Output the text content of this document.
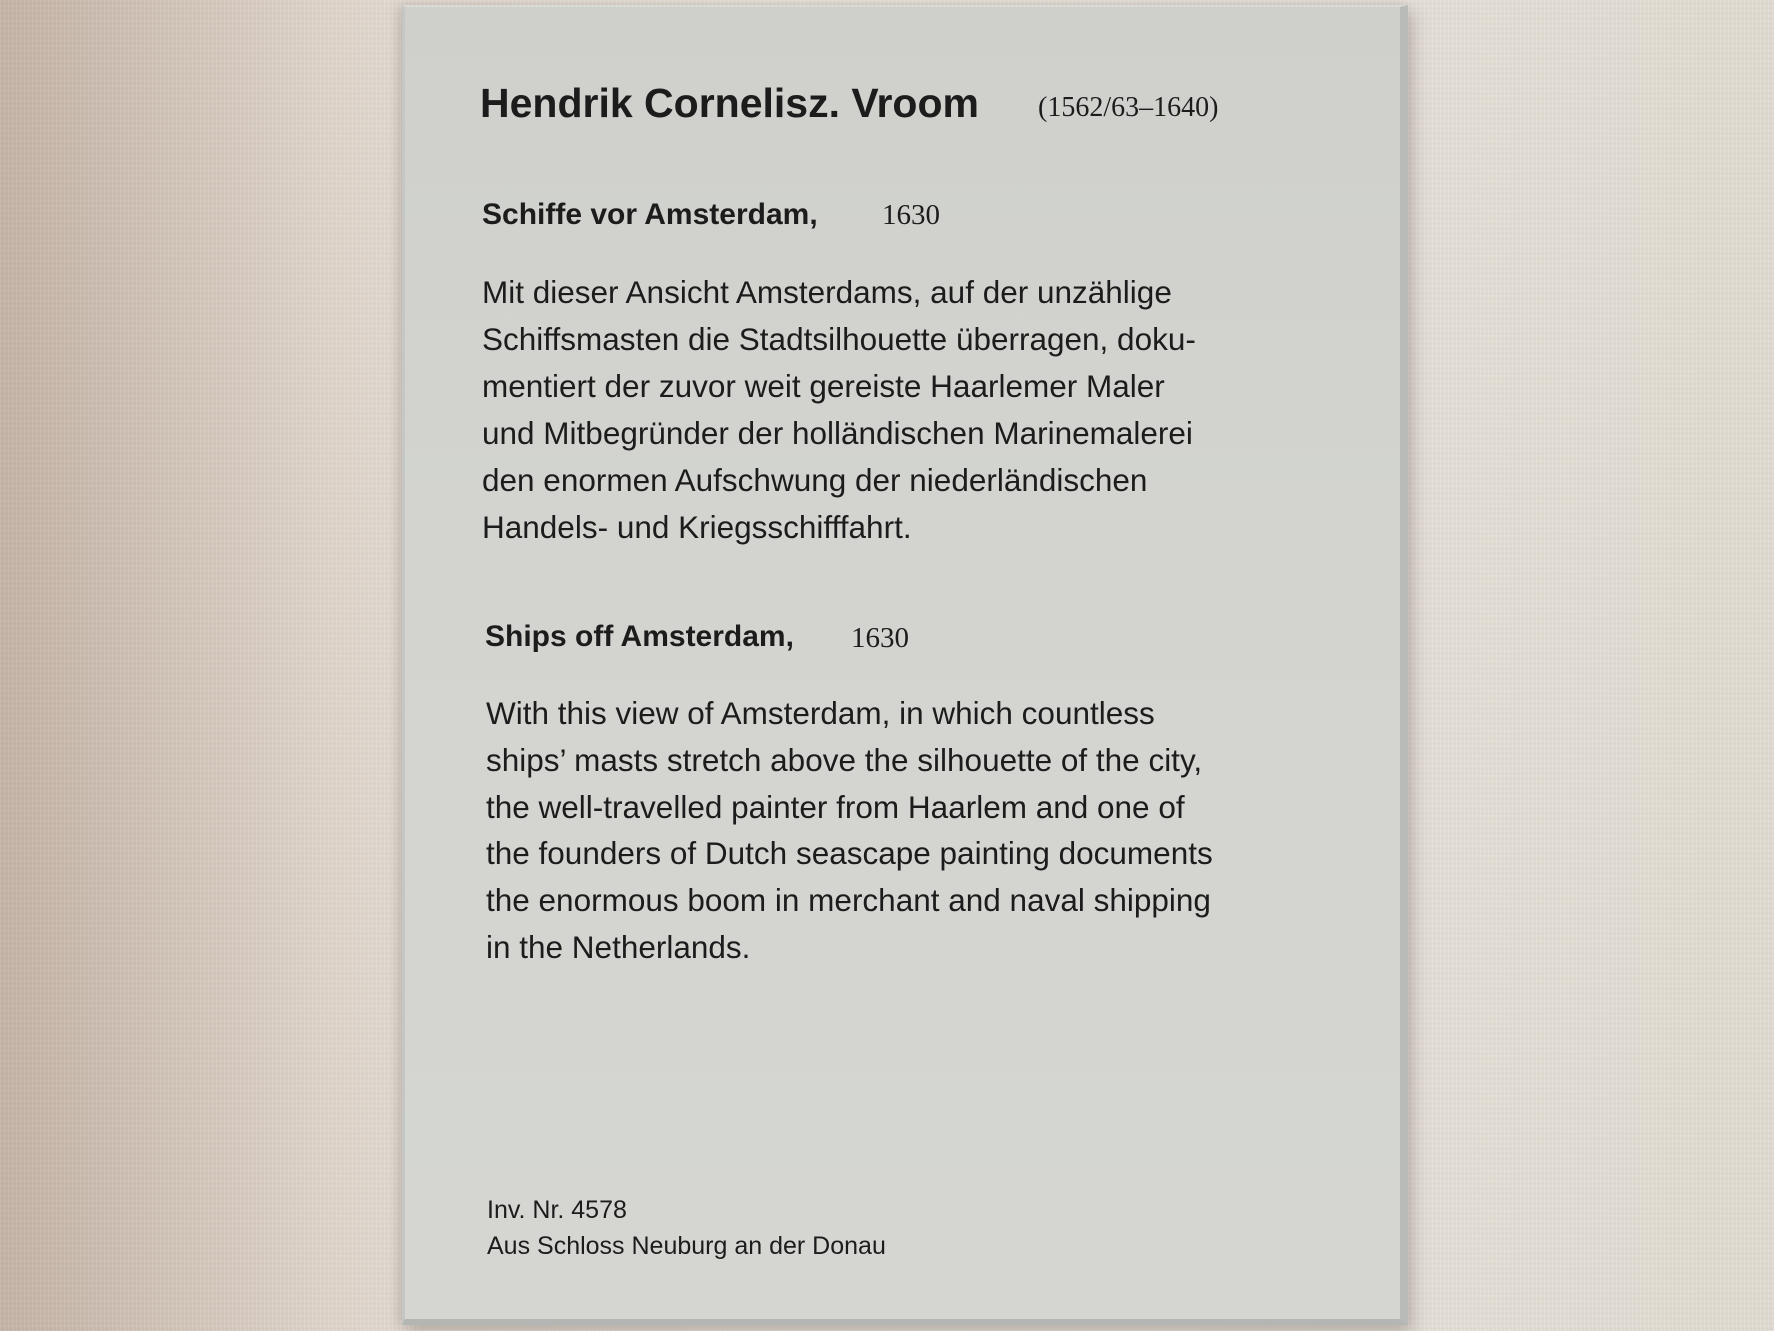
Hendrik Cornelisz. Vroom (1562/63–1640)
Schiffe vor Amsterdam, 1630
Mit dieser Ansicht Amsterdams, auf der unzählige
Schiffsmasten die Stadtsilhouette überragen, doku-
mentiert der zuvor weit gereiste Haarlemer Maler
und Mitbegründer der holländischen Marinemalerei
den enormen Aufschwung der niederländischen
Handels- und Kriegsschifffahrt.
Ships off Amsterdam, 1630
With this view of Amsterdam, in which countless
ships’ masts stretch above the silhouette of the city,
the well-travelled painter from Haarlem and one of
the founders of Dutch seascape painting documents
the enormous boom in merchant and naval shipping
in the Netherlands.
Inv. Nr. 4578
Aus Schloss Neuburg an der Donau
